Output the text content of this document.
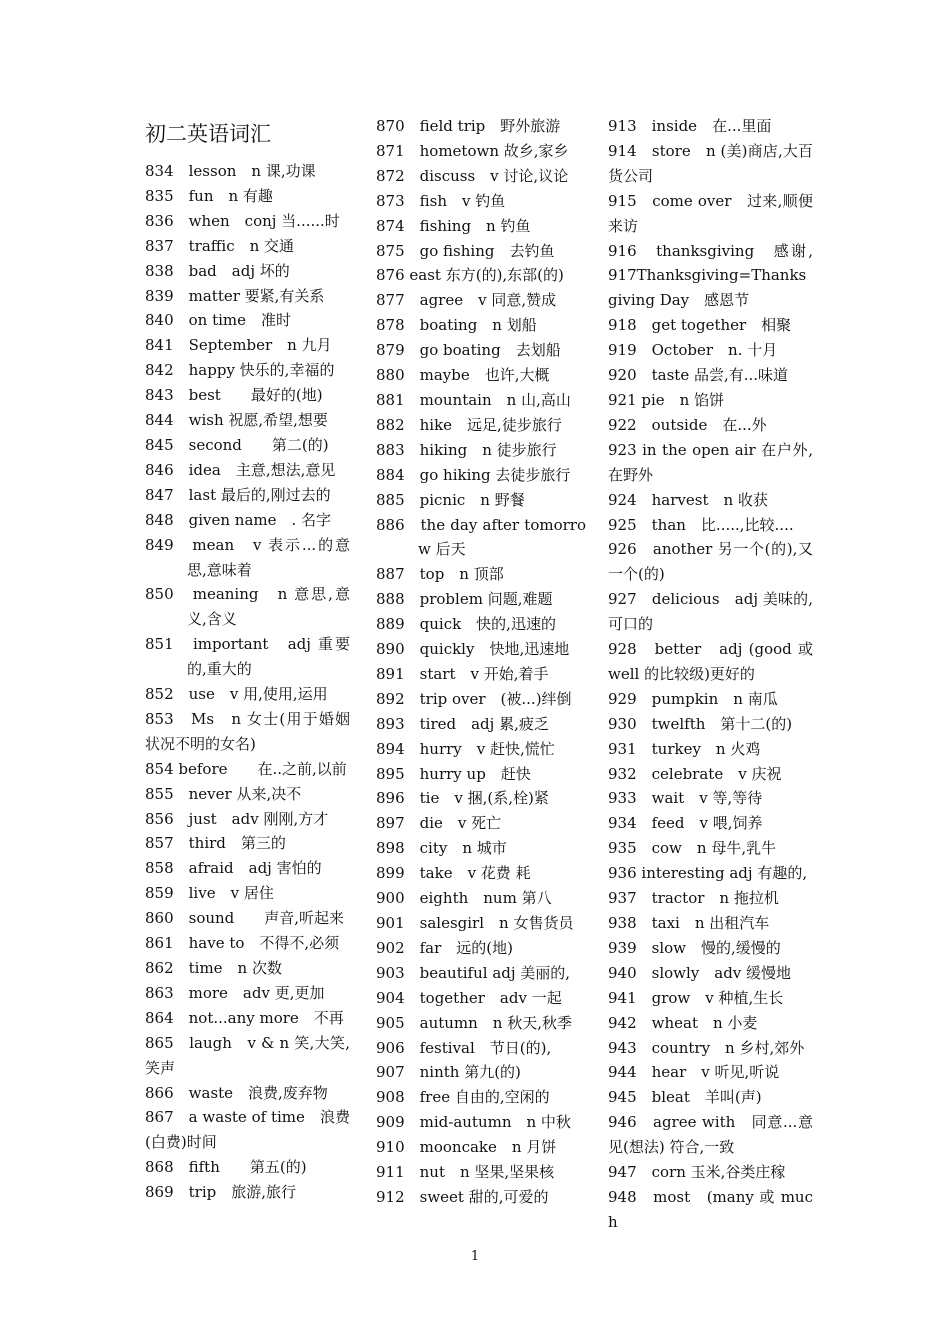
初二英语词汇

834　lesson　n 课,功课

835　fun　n 有趣

836　when　conj 当......时

837　traffic　n 交通

838　bad　adj 坏的

839　matter 要紧,有关系

840　on time　准时

841　September　n 九月

842　happy 快乐的,幸福的

843　best　　最好的(地)

844　wish 祝愿,希望,想要

845　second　　第二(的)

846　idea　主意,想法,意见

847　last 最后的,刚过去的

848　given name　. 名字

849　mean　v 表示...的意思,意味着

850　meaning　n 意思,意义,含义

851　important　adj 重要的,重大的

852　use　v 用,使用,运用

853　Ms　n 女士(用于婚姻状况不明的女名)

854 before　　在..之前,以前

855　never 从来,决不

856　just　adv 刚刚,方才

857　third　第三的

858　afraid　adj 害怕的

859　live　v 居住

860　sound　　声音,听起来

861　have to　不得不,必须

862　time　n 次数

863　more　adv 更,更加

864　not...any more　不再

865　laugh　v & n 笑,大笑,笑声

866　waste　浪费,废弃物

867　a waste of time　浪费(白费)时间

868　fifth　　第五(的)

869　trip　旅游,旅行

870　field trip　野外旅游

871　hometown 故乡,家乡

872　discuss　v 讨论,议论

873　fish　v 钓鱼

874　fishing　n 钓鱼

875　go fishing　去钓鱼

876 east 东方(的),东部(的)

877　agree　v 同意,赞成

878　boating　n 划船

879　go boating　去划船

880　maybe　也许,大概

881　mountain　n 山,高山

882　hike　远足,徒步旅行

883　hiking　n 徒步旅行

884　go hiking 去徒步旅行

885　picnic　n 野餐

886　the day after tomorrow 后天

887　top　n 顶部

888　problem 问题,难题

889　quick　快的,迅速的

890　quickly　快地,迅速地

891　start　v 开始,着手

892　trip over　(被...)绊倒

893　tired　adj 累,疲乏

894　hurry　v 赶快,慌忙

895　hurry up　赶快

896　tie　v 捆,(系,栓)紧

897　die　v 死亡

898　city　n 城市

899　take　v 花费 耗

900　eighth　num 第八

901　salesgirl　n 女售货员

902　far　远的(地)

903　beautiful adj 美丽的,

904　together　adv 一起

905　autumn　n 秋天,秋季

906　festival　节日(的),

907　ninth 第九(的)

908　free 自由的,空闲的

909　mid-autumn　n 中秋

910　mooncake　n 月饼

911　nut　n 坚果,坚果核

912　sweet 甜的,可爱的

913　inside　在...里面

914　store　n (美)商店,大百货公司

915　come over　过来,顺便来访

916　thanksgiving　感谢, 917Thanksgiving=Thanksgiving Day　感恩节

918　get together　相聚

919　October　n. 十月

920　taste 品尝,有...味道

921 pie　n 馅饼

922　outside　在...外

923 in the open air 在户外,在野外

924　harvest　n 收获

925　than　比.....,比较....

926　another 另一个(的),又一个(的)

927　delicious　adj 美味的,可口的

928　better　adj (good 或 well 的比较级)更好的

929　pumpkin　n 南瓜

930　twelfth　第十二(的)

931　turkey　n 火鸡

932　celebrate　v 庆祝

933　wait　v 等,等待

934　feed　v 喂,饲养

935　cow　n 母牛,乳牛

936 interesting adj 有趣的,

937　tractor　n 拖拉机

938　taxi　n 出租汽车

939　slow　慢的,缓慢的

940　slowly　adv 缓慢地

941　grow　v 种植,生长

942　wheat　n 小麦

943　country　n 乡村,郊外

944　hear　v 听见,听说

945　bleat　羊叫(声)

946　agree with　同意...意见(想法) 符合,一致

947　corn 玉米,谷类庄稼

948　most　(many 或 much

1
